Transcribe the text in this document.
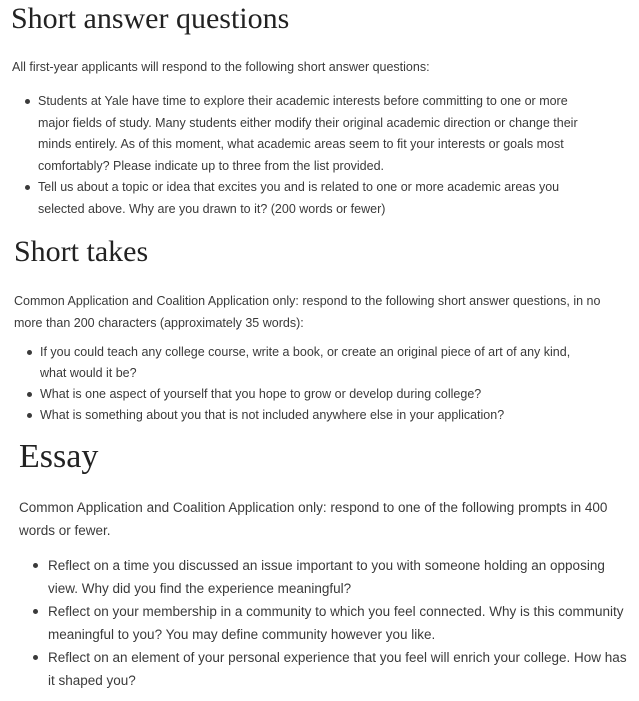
Short answer questions

All first-year applicants will respond to the following short answer questions:

Students at Yale have time to explore their academic interests before committing to one or more major fields of study. Many students either modify their original academic direction or change their minds entirely. As of this moment, what academic areas seem to fit your interests or goals most comfortably? Please indicate up to three from the list provided.
Tell us about a topic or idea that excites you and is related to one or more academic areas you selected above. Why are you drawn to it? (200 words or fewer)
Short takes

Common Application and Coalition Application only: respond to the following short answer questions, in no more than 200 characters (approximately 35 words):

If you could teach any college course, write a book, or create an original piece of art of any kind, what would it be?
What is one aspect of yourself that you hope to grow or develop during college?
What is something about you that is not included anywhere else in your application?
Essay

Common Application and Coalition Application only: respond to one of the following prompts in 400 words or fewer.

Reflect on a time you discussed an issue important to you with someone holding an opposing view. Why did you find the experience meaningful?
Reflect on your membership in a community to which you feel connected. Why is this community meaningful to you? You may define community however you like.
Reflect on an element of your personal experience that you feel will enrich your college. How has it shaped you?
